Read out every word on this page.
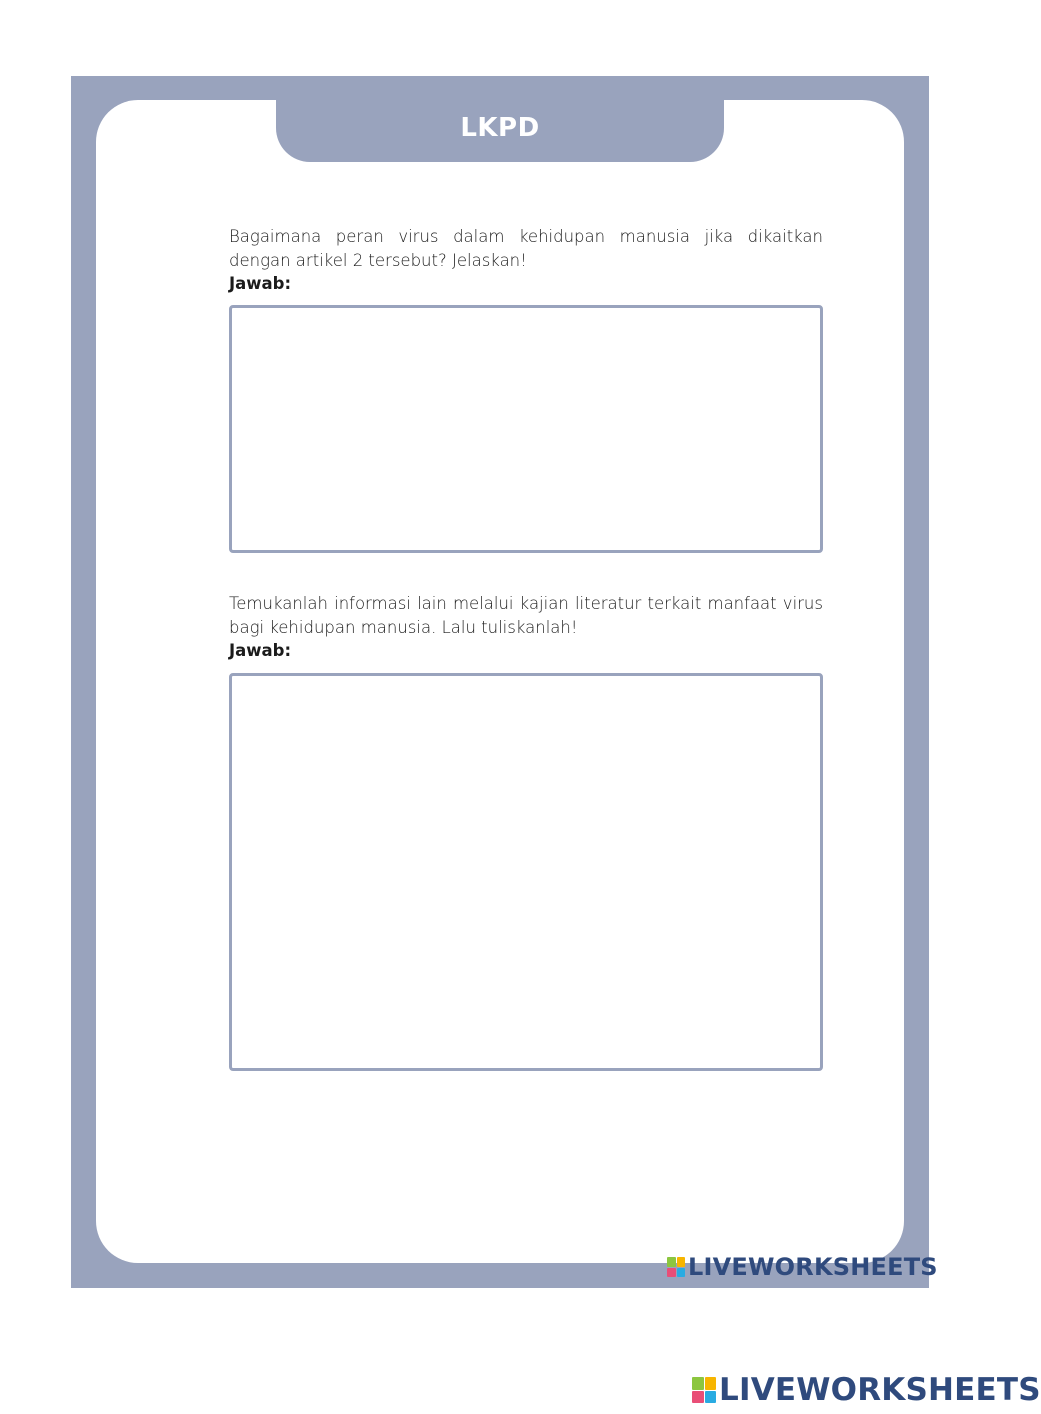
Bagaimana peran virus dalam kehidupan manusia jika dikaitkan dengan artikel 2 tersebut? Jelaskan!
Jawab:
Temukanlah informasi lain melalui kajian literatur terkait manfaat virus bagi kehidupan manusia. Lalu tuliskanlah!
Jawab:
LKPD
LIVEWORKSHEETS
LIVEWORKSHEETS
